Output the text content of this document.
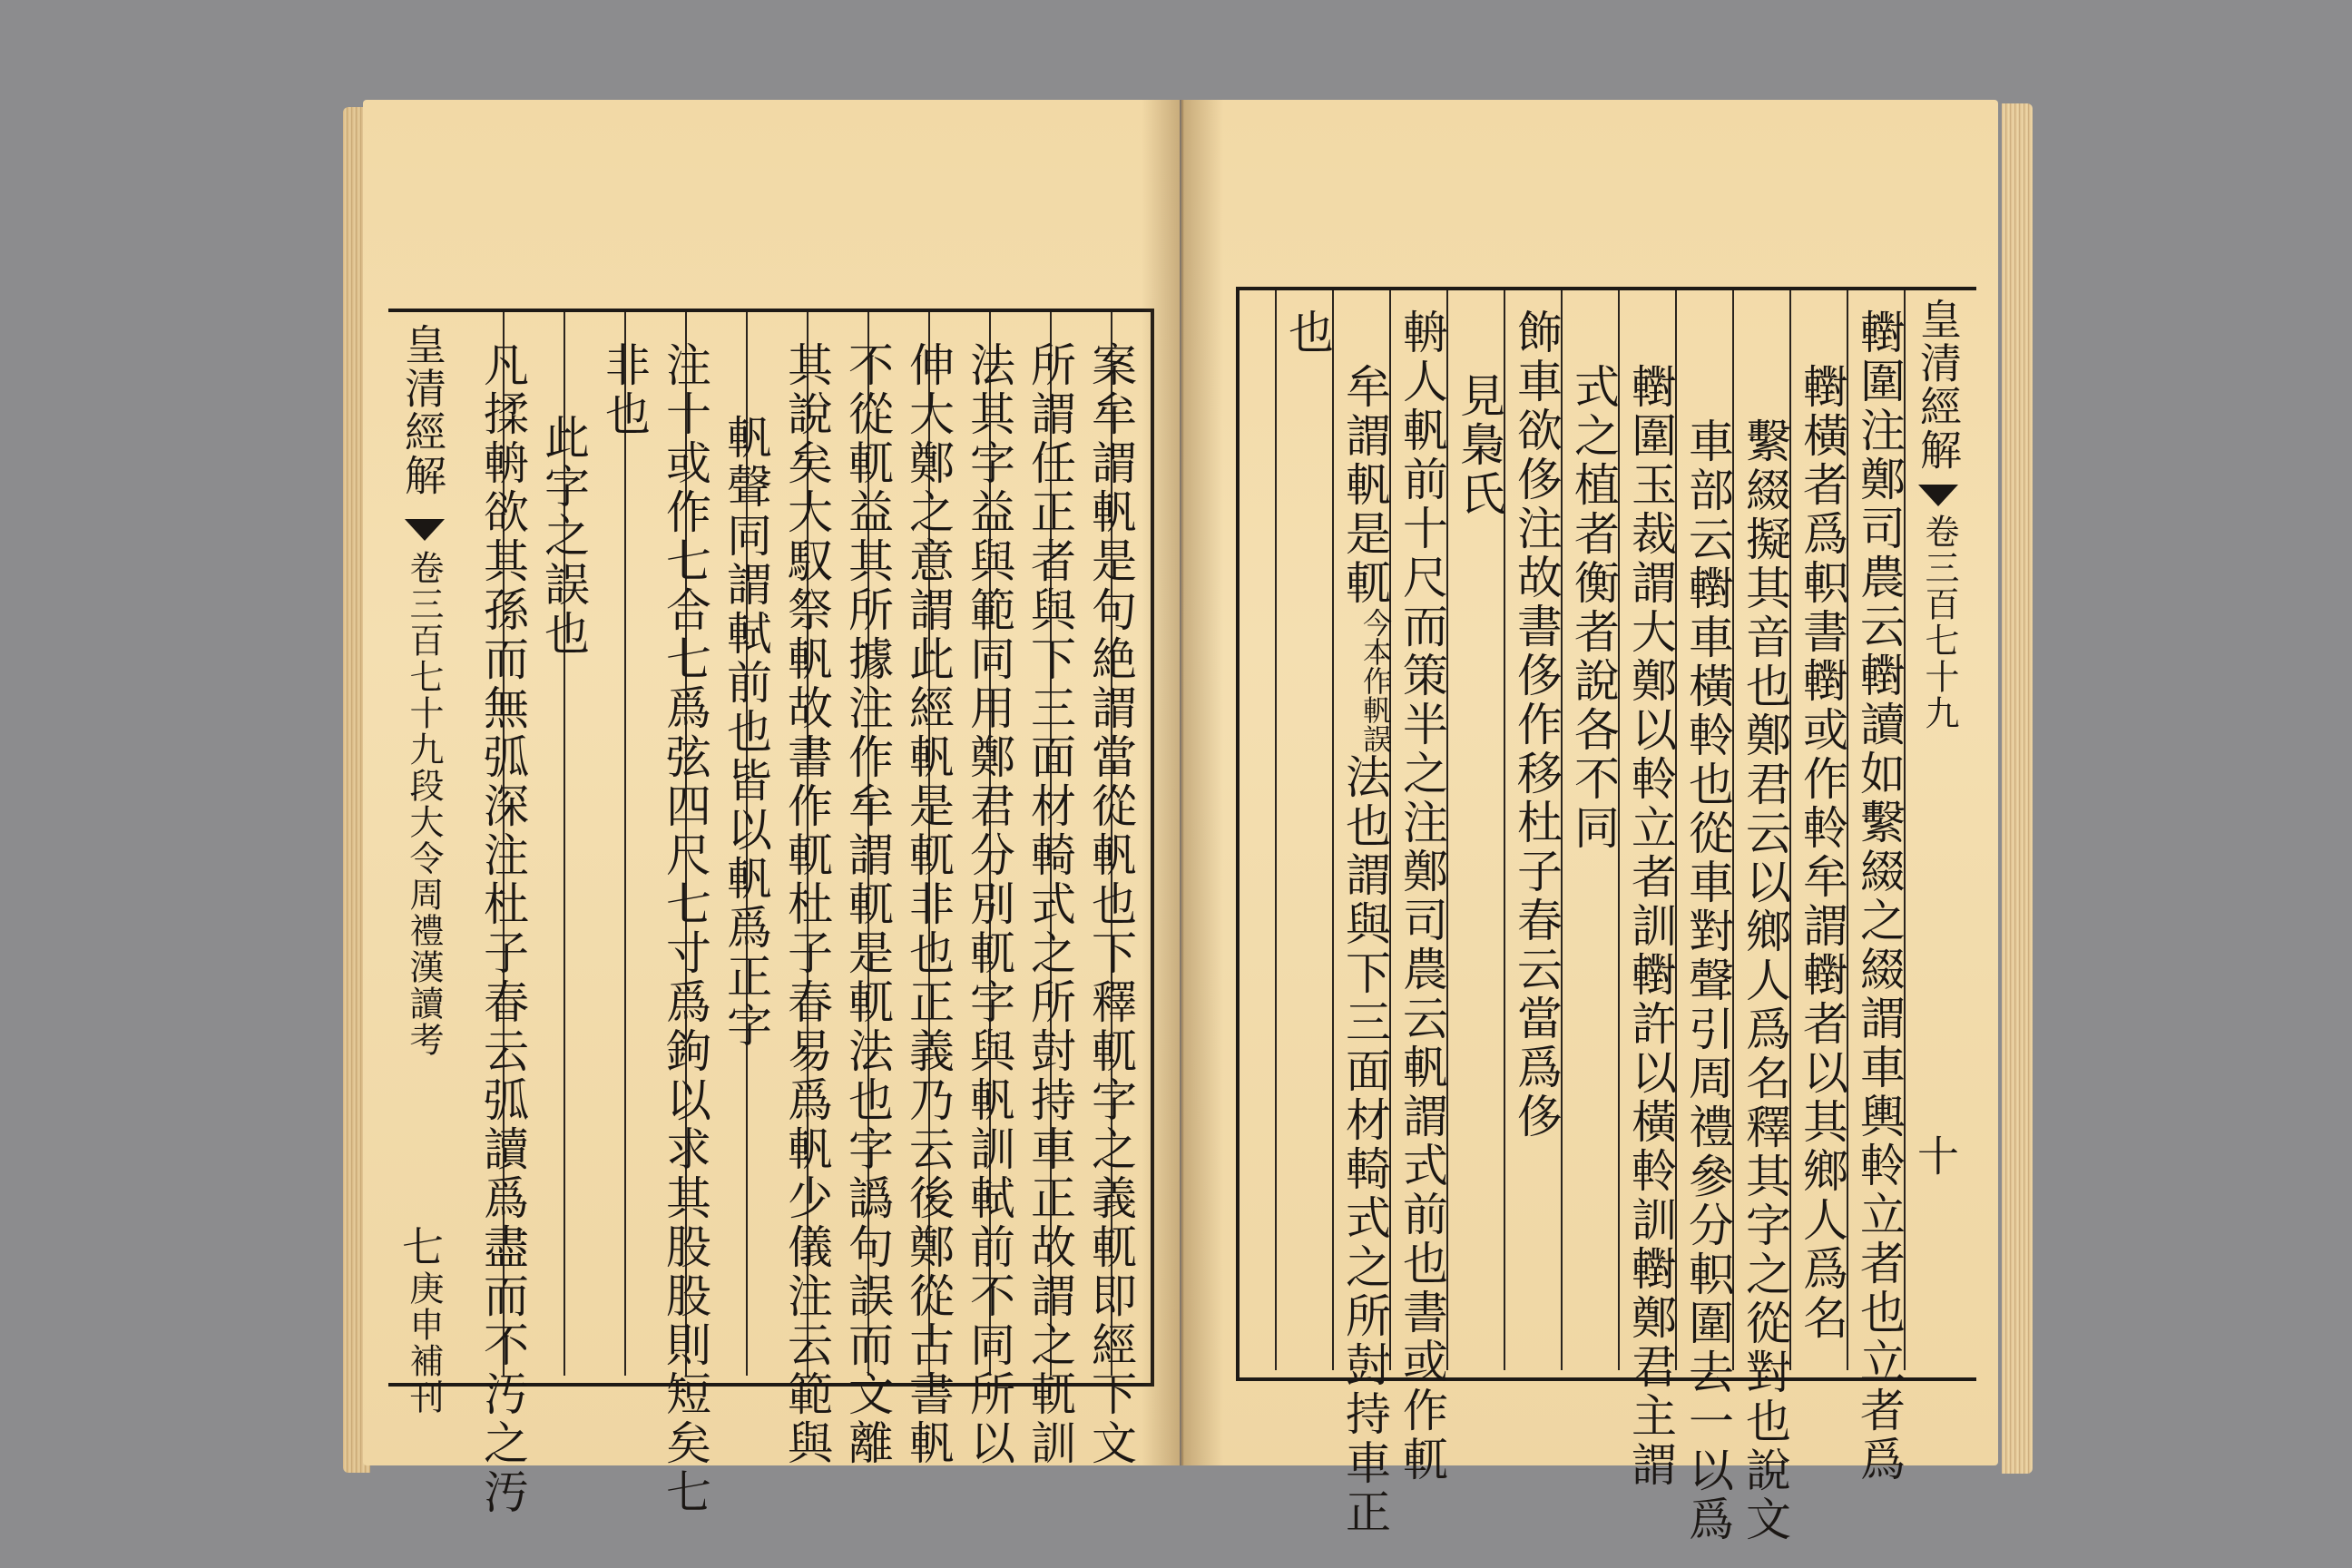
案牟謂軓是句絶謂當從軓也下釋軏字之義軏即經下文
所謂任正者與下三面材輢式之所尌持車正故謂之軏訓
法其字益與範同用鄭君分別軏字與軓訓軾前不同所以
伸大鄭之意謂此經軓是軏非也正義乃云後鄭從古書軓
不從軏益其所據注作牟謂軏是軏法也字譌句誤而文離
其說矣大馭祭軓故書作軏杜子春易爲軓少儀注云範與
軓聲同謂軾前也皆以軓爲正字
注十或作七合七爲弦四尺七寸爲鉤以求其股股則短矣七
非也
此字之誤也
凡揉輈欲其孫而無弧深注杜子春云弧讀爲盡而不汚之汚
皇清經解
卷三百七十九段大令周禮漢讀考
七
庚申補刊	轛圍注鄭司農云轛讀如繫綴之綴謂車輿軨立者也立者爲
轛橫者爲軹書轛或作軨牟謂轛者以其鄉人爲名
繫綴擬其音也鄭君云以鄉人爲名釋其字之從對也說文
車部云轛車橫軨也從車對聲引周禮參分軹圍去一以爲
轛圍玉裁謂大鄭以軨立者訓轛許以橫軨訓轛鄭君主謂
式之植者衡者說各不同
飾車欲侈注故書侈作移杜子春云當爲侈
見梟氏
輈人軓前十尺而策半之注鄭司農云軓謂式前也書或作軏
牟謂軓是軏
今本作軓誤
法也謂與下三面材輢式之所尌持車正
也	皇清經解
卷三百七十九
十
